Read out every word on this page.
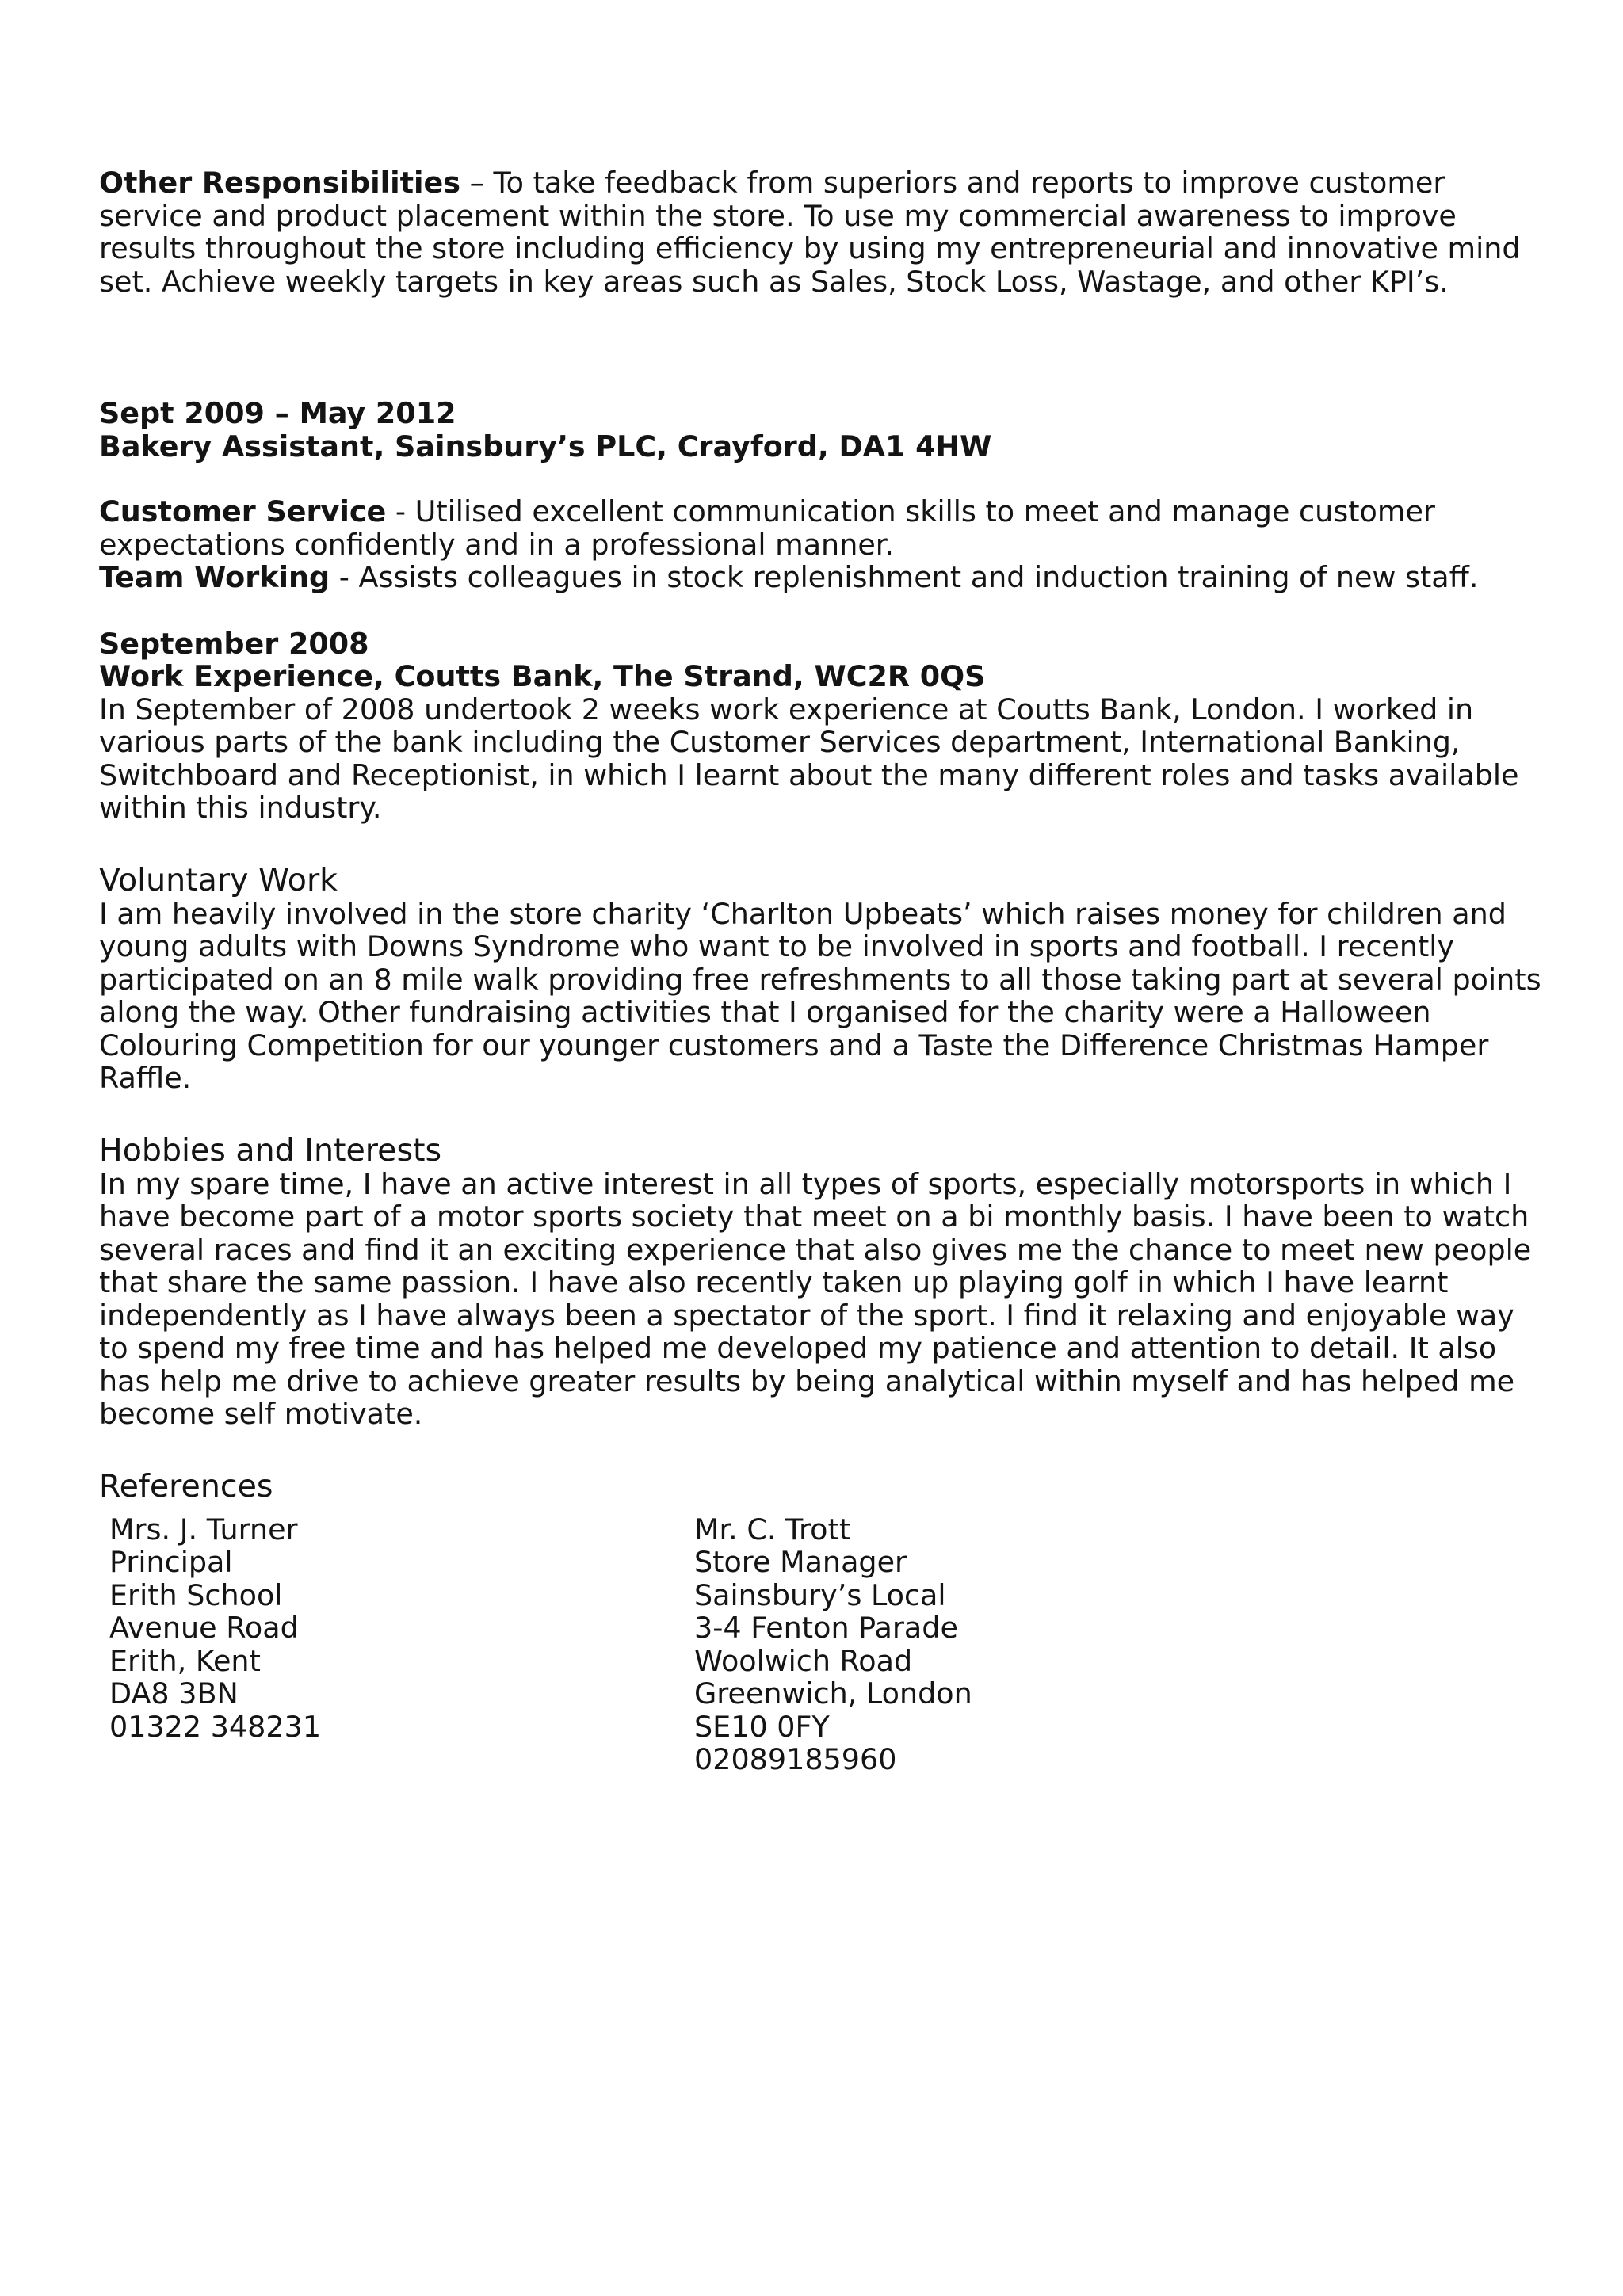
Other Responsibilities – To take feedback from superiors and reports to improve customer service and product placement within the store. To use my commercial awareness to improve results throughout the store including efficiency by using my entrepreneurial and innovative mind set. Achieve weekly targets in key areas such as Sales, Stock Loss, Wastage, and other KPI’s.

Sept 2009 – May 2012

Bakery Assistant, Sainsbury’s PLC, Crayford, DA1 4HW

Customer Service - Utilised excellent communication skills to meet and manage customer expectations confidently and in a professional manner.

Team Working - Assists colleagues in stock replenishment and induction training of new staff.

September 2008

Work Experience, Coutts Bank, The Strand, WC2R 0QS

In September of 2008 undertook 2 weeks work experience at Coutts Bank, London. I worked in various parts of the bank including the Customer Services department, International Banking, Switchboard and Receptionist, in which I learnt about the many different roles and tasks available within this industry.

Voluntary Work

I am heavily involved in the store charity ‘Charlton Upbeats’ which raises money for children and young adults with Downs Syndrome who want to be involved in sports and football. I recently participated on an 8 mile walk providing free refreshments to all those taking part at several points along the way. Other fundraising activities that I organised for the charity were a Halloween Colouring Competition for our younger customers and a Taste the Difference Christmas Hamper Raffle.

Hobbies and Interests

In my spare time, I have an active interest in all types of sports, especially motorsports in which I have become part of a motor sports society that meet on a bi monthly basis. I have been to watch several races and find it an exciting experience that also gives me the chance to meet new people that share the same passion. I have also recently taken up playing golf in which I have learnt independently as I have always been a spectator of the sport. I find it relaxing and enjoyable way to spend my free time and has helped me developed my patience and attention to detail. It also has help me drive to achieve greater results by being analytical within myself and has helped me become self motivate.

References

Mrs. J. Turner
Principal
Erith School
Avenue Road
Erith, Kent
DA8 3BN
01322 348231
Mr. C. Trott
Store Manager
Sainsbury’s Local
3-4 Fenton Parade
Woolwich Road
Greenwich, London
SE10 0FY
02089185960
